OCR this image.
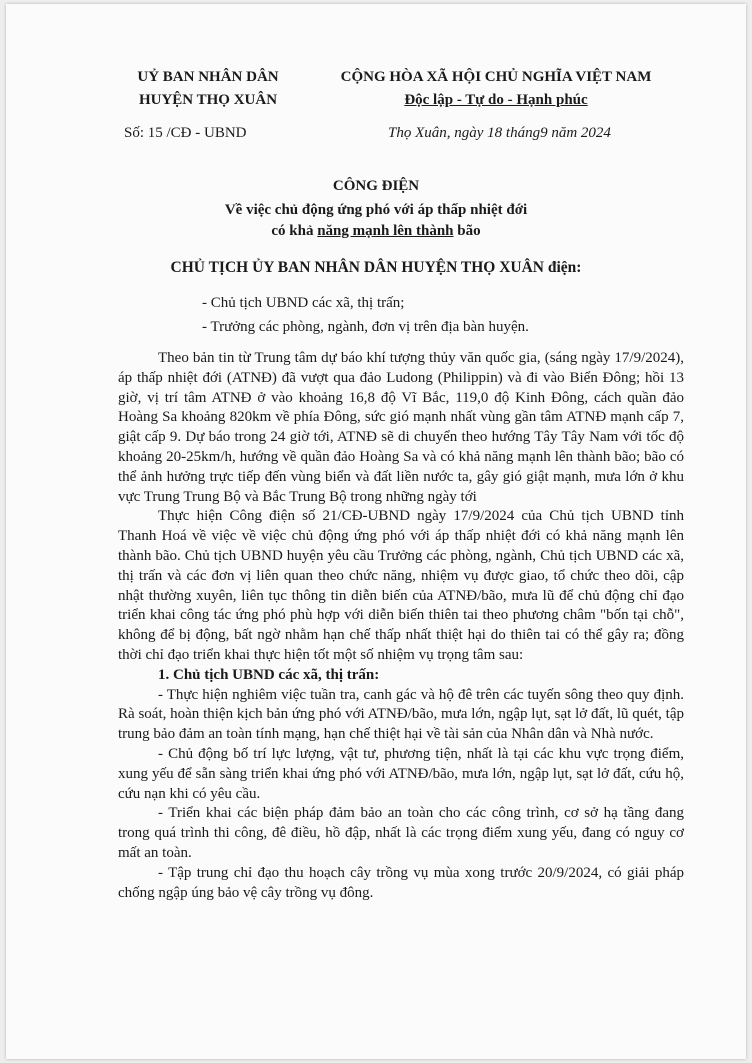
UỶ BAN NHÂN DÂN
HUYỆN THỌ XUÂN
CỘNG HÒA XÃ HỘI CHỦ NGHĨA VIỆT NAM
Độc lập - Tự do - Hạnh phúc
Số: 15 /CĐ - UBND	Thọ Xuân, ngày 18 tháng9 năm 2024
CÔNG ĐIỆN
Về việc chủ động ứng phó với áp thấp nhiệt đới
có khả năng mạnh lên thành bão
CHỦ TỊCH ỦY BAN NHÂN DÂN HUYỆN THỌ XUÂN điện:
- Chủ tịch UBND các xã, thị trấn;
- Trưởng các phòng, ngành, đơn vị trên địa bàn huyện.

Theo bản tin từ Trung tâm dự báo khí tượng thủy văn quốc gia, (sáng ngày 17/9/2024), áp thấp nhiệt đới (ATNĐ) đã vượt qua đảo Ludong (Philippin) và đi vào Biển Đông; hồi 13 giờ, vị trí tâm ATNĐ ở vào khoảng 16,8 độ Vĩ Bắc, 119,0 độ Kinh Đông, cách quần đảo Hoàng Sa khoảng 820km về phía Đông, sức gió mạnh nhất vùng gần tâm ATNĐ mạnh cấp 7, giật cấp 9. Dự báo trong 24 giờ tới, ATNĐ sẽ di chuyển theo hướng Tây Tây Nam với tốc độ khoảng 20-25km/h, hướng về quần đảo Hoàng Sa và có khả năng mạnh lên thành bão; bão có thể ảnh hưởng trực tiếp đến vùng biển và đất liền nước ta, gây gió giật mạnh, mưa lớn ở khu vực Trung Trung Bộ và Bắc Trung Bộ trong những ngày tới

Thực hiện Công điện số 21/CĐ-UBND ngày 17/9/2024 của Chủ tịch UBND tỉnh Thanh Hoá về việc về việc chủ động ứng phó với áp thấp nhiệt đới có khả năng mạnh lên thành bão. Chủ tịch UBND huyện yêu cầu Trưởng các phòng, ngành, Chủ tịch UBND các xã, thị trấn và các đơn vị liên quan theo chức năng, nhiệm vụ được giao, tổ chức theo dõi, cập nhật thường xuyên, liên tục thông tin diễn biến của ATNĐ/bão, mưa lũ để chủ động chỉ đạo triển khai công tác ứng phó phù hợp với diễn biến thiên tai theo phương châm "bốn tại chỗ", không để bị động, bất ngờ nhằm hạn chế thấp nhất thiệt hại do thiên tai có thể gây ra; đồng thời chỉ đạo triển khai thực hiện tốt một số nhiệm vụ trọng tâm sau:

1. Chủ tịch UBND các xã, thị trấn:

- Thực hiện nghiêm việc tuần tra, canh gác và hộ đê trên các tuyến sông theo quy định. Rà soát, hoàn thiện kịch bản ứng phó với ATNĐ/bão, mưa lớn, ngập lụt, sạt lở đất, lũ quét, tập trung bảo đảm an toàn tính mạng, hạn chế thiệt hại về tài sản của Nhân dân và Nhà nước.

- Chủ động bố trí lực lượng, vật tư, phương tiện, nhất là tại các khu vực trọng điểm, xung yếu để sẵn sàng triển khai ứng phó với ATNĐ/bão, mưa lớn, ngập lụt, sạt lở đất, cứu hộ, cứu nạn khi có yêu cầu.

- Triển khai các biện pháp đảm bảo an toàn cho các công trình, cơ sở hạ tầng đang trong quá trình thi công, đê điều, hồ đập, nhất là các trọng điểm xung yếu, đang có nguy cơ mất an toàn.

- Tập trung chỉ đạo thu hoạch cây trồng vụ mùa xong trước 20/9/2024, có giải pháp chống ngập úng bảo vệ cây trồng vụ đông.
